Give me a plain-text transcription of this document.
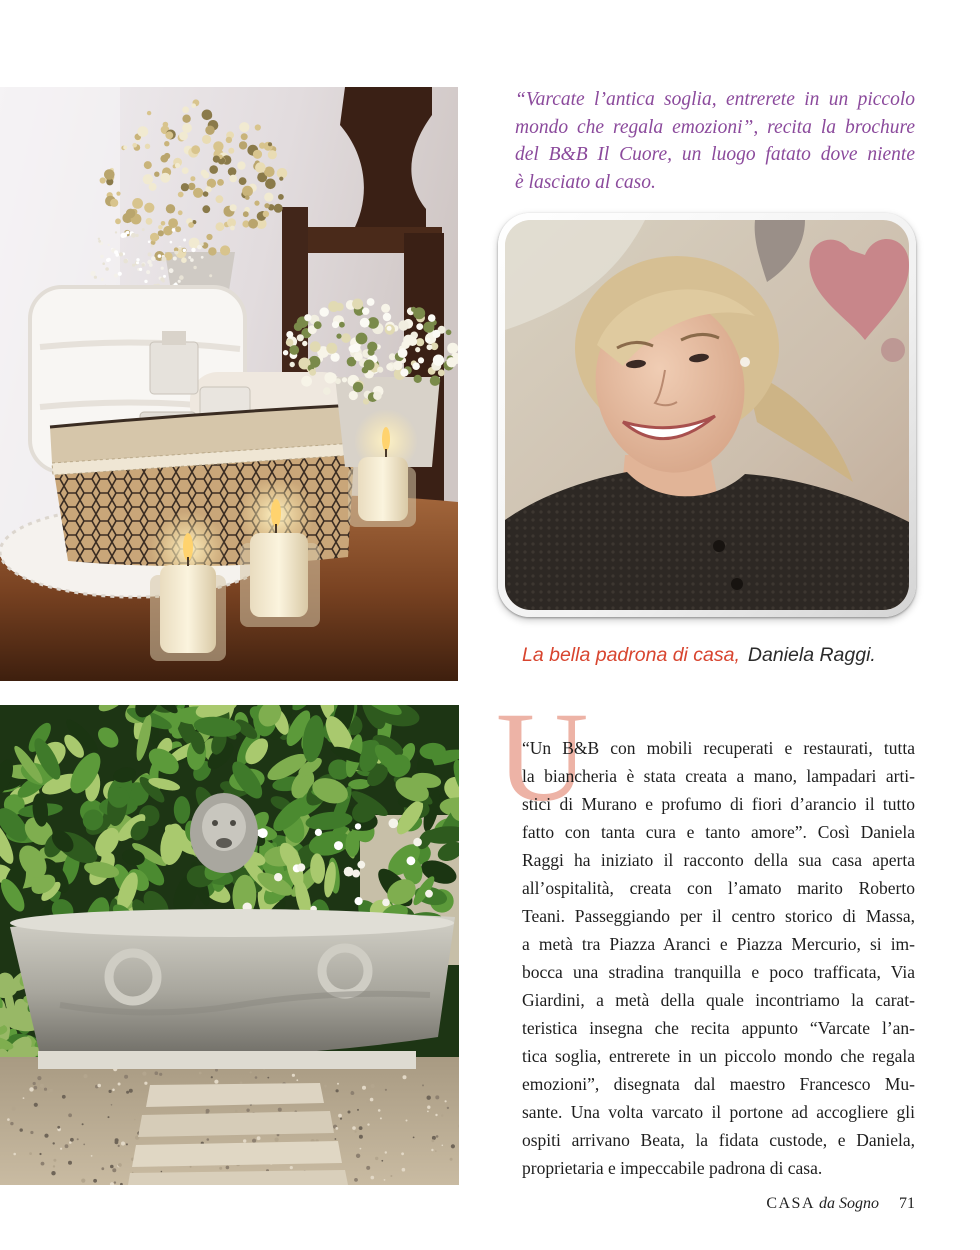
“Varcate l’antica soglia, entrerete in un piccolo
mondo che regala emozioni”, recita la brochure
del B&B Il Cuore, un luogo fatato dove niente
è lasciato al caso.
La bella padrona di casa, Daniela Raggi.
U
“Un B&B con mobili recuperati e restaurati, tutta
la biancheria è stata creata a mano, lampadari arti-
stici di Murano e profumo di fiori d’arancio il tutto
fatto con tanta cura e tanto amore”. Così Daniela
Raggi ha iniziato il racconto della sua casa aperta
all’ospitalità, creata con l’amato marito Roberto
Teani. Passeggiando per il centro storico di Massa,
a metà tra Piazza Aranci e Piazza Mercurio, si im-
bocca una stradina tranquilla e poco trafficata, Via
Giardini, a metà della quale incontriamo la carat-
teristica insegna che recita appunto “Varcate l’an-
tica soglia, entrerete in un piccolo mondo che regala
emozioni”, disegnata dal maestro Francesco Mu-
sante. Una volta varcato il portone ad accogliere gli
ospiti arrivano Beata, la fidata custode, e Daniela,
proprietaria e impeccabile padrona di casa.
CASA da Sogno 71
